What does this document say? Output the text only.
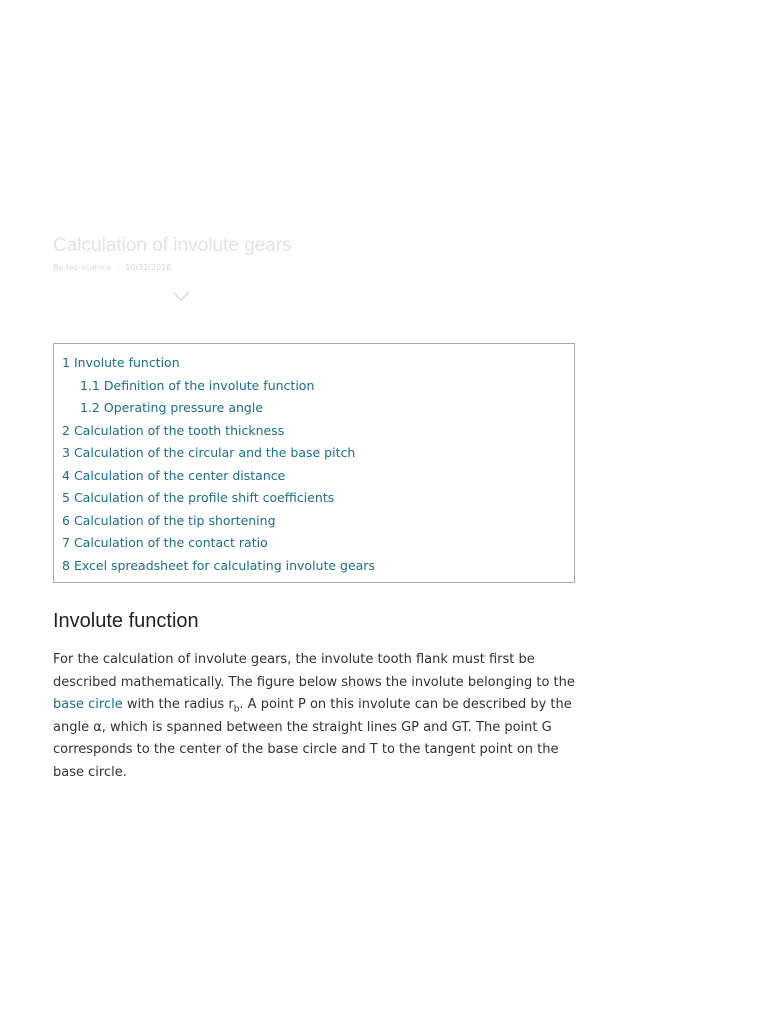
Calculation of involute gears
By tec-science - 10/31/2018
1 Involute function
1.1 Definition of the involute function
1.2 Operating pressure angle
2 Calculation of the tooth thickness
3 Calculation of the circular and the base pitch
4 Calculation of the center distance
5 Calculation of the profile shift coefficients
6 Calculation of the tip shortening
7 Calculation of the contact ratio
8 Excel spreadsheet for calculating involute gears
Involute function

For the calculation of involute gears, the involute tooth flank must first be described mathematically. The figure below shows the involute belonging to the base circle with the radius $r_b$. A point P on this involute can be described by the angle α, which is spanned between the straight lines GP and GT. The point G corresponds to the center of the base circle and T to the tangent point on the base circle.
